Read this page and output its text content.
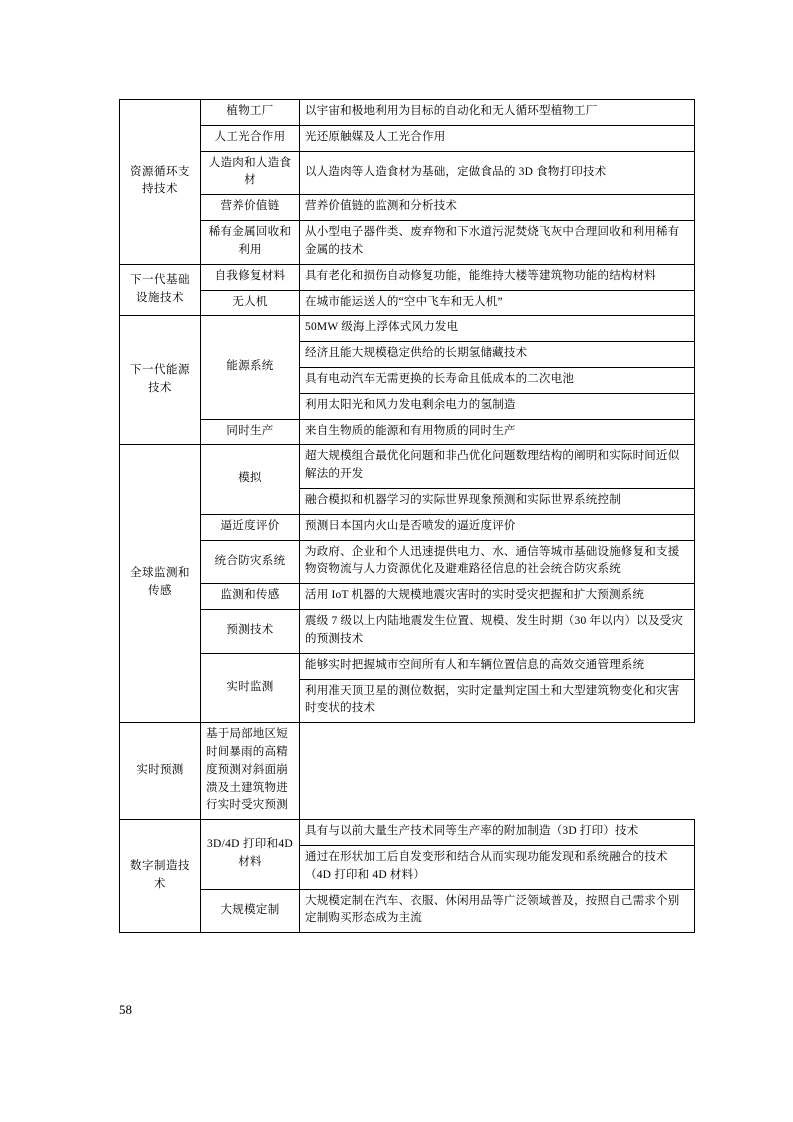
资源循环支持技术	植物工厂	以宇宙和极地利用为目标的自动化和无人循环型植物工厂
	人工光合作用	光还原触媒及人工光合作用
	人造肉和人造食材	以人造肉等人造食材为基础，定做食品的 3D 食物打印技术
	营养价值链	营养价值链的监测和分析技术
	稀有金属回收和利用	从小型电子器件类、废弃物和下水道污泥焚烧飞灰中合理回收和利用稀有金属的技术
下一代基础设施技术	自我修复材料	具有老化和损伤自动修复功能，能维持大楼等建筑物功能的结构材料
	无人机	在城市能运送人的“空中飞车和无人机”
下一代能源技术	能源系统	50MW 级海上浮体式风力发电
		经济且能大规模稳定供给的长期氢储藏技术
		具有电动汽车无需更换的长寿命且低成本的二次电池
		利用太阳光和风力发电剩余电力的氢制造
	同时生产	来自生物质的能源和有用物质的同时生产
全球监测和传感	模拟	超大规模组合最优化问题和非凸优化问题数理结构的阐明和实际时间近似解法的开发
		融合模拟和机器学习的实际世界现象预测和实际世界系统控制
	逼近度评价	预测日本国内火山是否喷发的逼近度评价
	统合防灾系统	为政府、企业和个人迅速提供电力、水、通信等城市基础设施修复和支援物资物流与人力资源优化及避难路径信息的社会统合防灾系统
	监测和传感	活用 IoT 机器的大规模地震灾害时的实时受灾把握和扩大预测系统
	预测技术	震级 7 级以上内陆地震发生位置、规模、发生时期（30 年以内）以及受灾的预测技术
	实时监测	能够实时把握城市空间所有人和车辆位置信息的高效交通管理系统
		利用准天顶卫星的测位数据，实时定量判定国土和大型建筑物变化和灾害时变状的技术
实时预测	基于局部地区短时间暴雨的高精度预测对斜面崩溃及土建筑物进行实时受灾预测	
数字制造技术	3D/4D 打印和4D 材料	具有与以前大量生产技术同等生产率的附加制造（3D 打印）技术
		通过在形状加工后自发变形和结合从而实现功能发现和系统融合的技术（4D 打印和 4D 材料）
	大规模定制	大规模定制在汽车、衣服、休闲用品等广泛领域普及，按照自己需求个别定制购买形态成为主流
58
